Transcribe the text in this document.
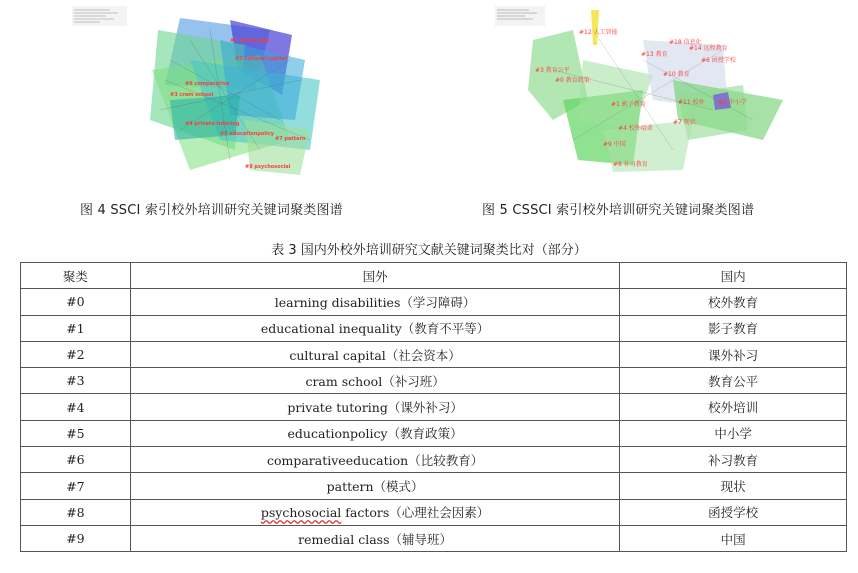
#1 well-being
#2 cultural capital
#3 cram school
#4 private tutoring
#5 educationpolicy
#6 comparative
#7 pattern
#8 psychosocial
#12 人工智能
#18 信息化
#14 远程教育
#13 教育
#6 函授学校
#3 教育公平
#0 教育政策
#10 教育
#1 影子教育	#11 校外 #5 中小学
#7 现状
#4 校外培训
#9 中国
#8 补习教育
图 4 SSCI 索引校外培训研究关键词聚类图谱	图 5 CSSCI 索引校外培训研究关键词聚类图谱
表 3 国内外校外培训研究文献关键词聚类比对（部分）
聚类	国外	国内
#0	learning disabilities（学习障碍）	校外教育
#1	educational inequality（教育不平等）	影子教育
#2	cultural capital（社会资本）	课外补习
#3	cram school（补习班）	教育公平
#4	private tutoring（课外补习）	校外培训
#5	educationpolicy（教育政策）	中小学
#6	comparativeeducation（比较教育）	补习教育
#7	pattern（模式）	现状
#8	psychosocial factors（心理社会因素）	函授学校
#9	remedial class（辅导班）	中国
